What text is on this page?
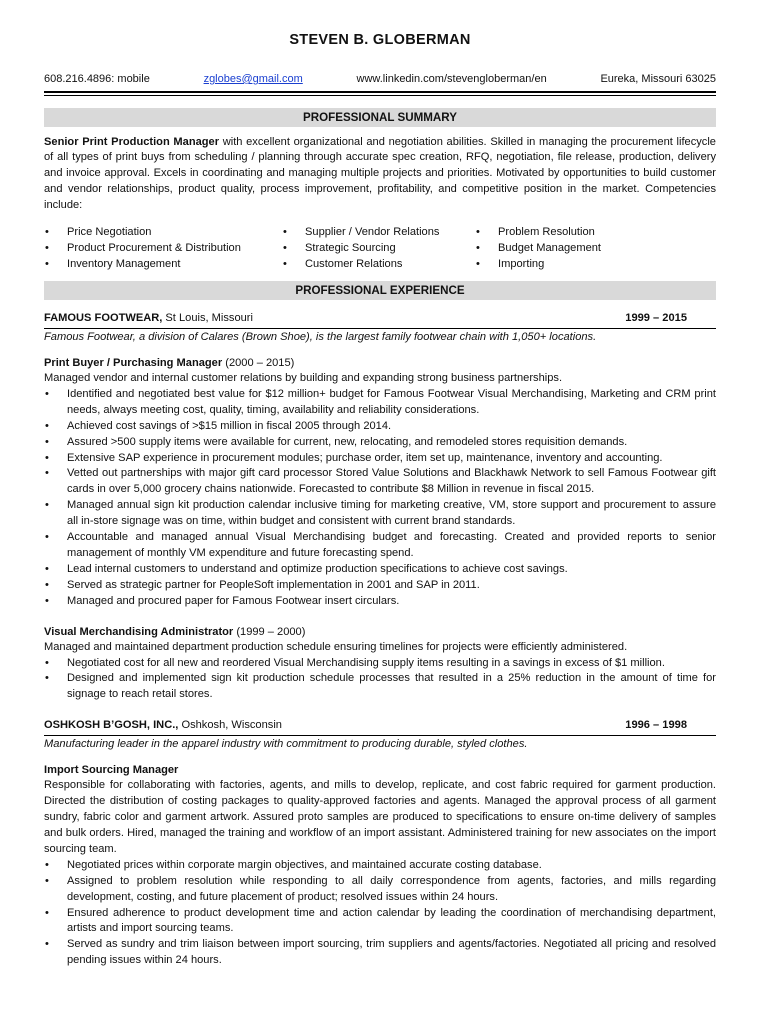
STEVEN B. GLOBERMAN
608.216.4896: mobile	zglobes@gmail.com	www.linkedin.com/stevengloberman/en	Eureka, Missouri 63025
PROFESSIONAL SUMMARY

Senior Print Production Manager with excellent organizational and negotiation abilities. Skilled in managing the procurement lifecycle of all types of print buys from scheduling / planning through accurate spec creation, RFQ, negotiation, file release, production, delivery and invoice approval. Excels in coordinating and managing multiple projects and priorities. Motivated by opportunities to build customer and vendor relationships, product quality, process improvement, profitability, and competitive position in the market. Competencies include:

• Price Negotiation
• Product Procurement & Distribution
• Inventory Management
• Supplier / Vendor Relations
• Strategic Sourcing
• Customer Relations
• Problem Resolution
• Budget Management
• Importing
PROFESSIONAL EXPERIENCE
FAMOUS FOOTWEAR, St Louis, Missouri	1999 – 2015

Famous Footwear, a division of Calares (Brown Shoe), is the largest family footwear chain with 1,050+ locations.

Print Buyer / Purchasing Manager (2000 – 2015)

Managed vendor and internal customer relations by building and expanding strong business partnerships.

• Identified and negotiated best value for $12 million+ budget for Famous Footwear Visual Merchandising, Marketing and CRM print needs, always meeting cost, quality, timing, availability and reliability considerations.
• Achieved cost savings of >$15 million in fiscal 2005 through 2014.
• Assured >500 supply items were available for current, new, relocating, and remodeled stores requisition demands.
• Extensive SAP experience in procurement modules; purchase order, item set up, maintenance, inventory and accounting.
• Vetted out partnerships with major gift card processor Stored Value Solutions and Blackhawk Network to sell Famous Footwear gift cards in over 5,000 grocery chains nationwide. Forecasted to contribute $8 Million in revenue in fiscal 2015.
• Managed annual sign kit production calendar inclusive timing for marketing creative, VM, store support and procurement to assure all in-store signage was on time, within budget and consistent with current brand standards.
• Accountable and managed annual Visual Merchandising budget and forecasting. Created and provided reports to senior management of monthly VM expenditure and future forecasting spend.
• Lead internal customers to understand and optimize production specifications to achieve cost savings.
• Served as strategic partner for PeopleSoft implementation in 2001 and SAP in 2011.
• Managed and procured paper for Famous Footwear insert circulars.
Visual Merchandising Administrator (1999 – 2000)

Managed and maintained department production schedule ensuring timelines for projects were efficiently administered.

• Negotiated cost for all new and reordered Visual Merchandising supply items resulting in a savings in excess of $1 million.
• Designed and implemented sign kit production schedule processes that resulted in a 25% reduction in the amount of time for signage to reach retail stores.
OSHKOSH B’GOSH, INC., Oshkosh, Wisconsin	1996 – 1998

Manufacturing leader in the apparel industry with commitment to producing durable, styled clothes.

Import Sourcing Manager

Responsible for collaborating with factories, agents, and mills to develop, replicate, and cost fabric required for garment production. Directed the distribution of costing packages to quality-approved factories and agents. Managed the approval process of all garment sundry, fabric color and garment artwork. Assured proto samples are produced to specifications to ensure on-time delivery of samples and bulk orders. Hired, managed the training and workflow of an import assistant. Administered training for new associates on the import sourcing team.

• Negotiated prices within corporate margin objectives, and maintained accurate costing database.
• Assigned to problem resolution while responding to all daily correspondence from agents, factories, and mills regarding development, costing, and future placement of product; resolved issues within 24 hours.
• Ensured adherence to product development time and action calendar by leading the coordination of merchandising department, artists and import sourcing teams.
• Served as sundry and trim liaison between import sourcing, trim suppliers and agents/factories. Negotiated all pricing and resolved pending issues within 24 hours.
